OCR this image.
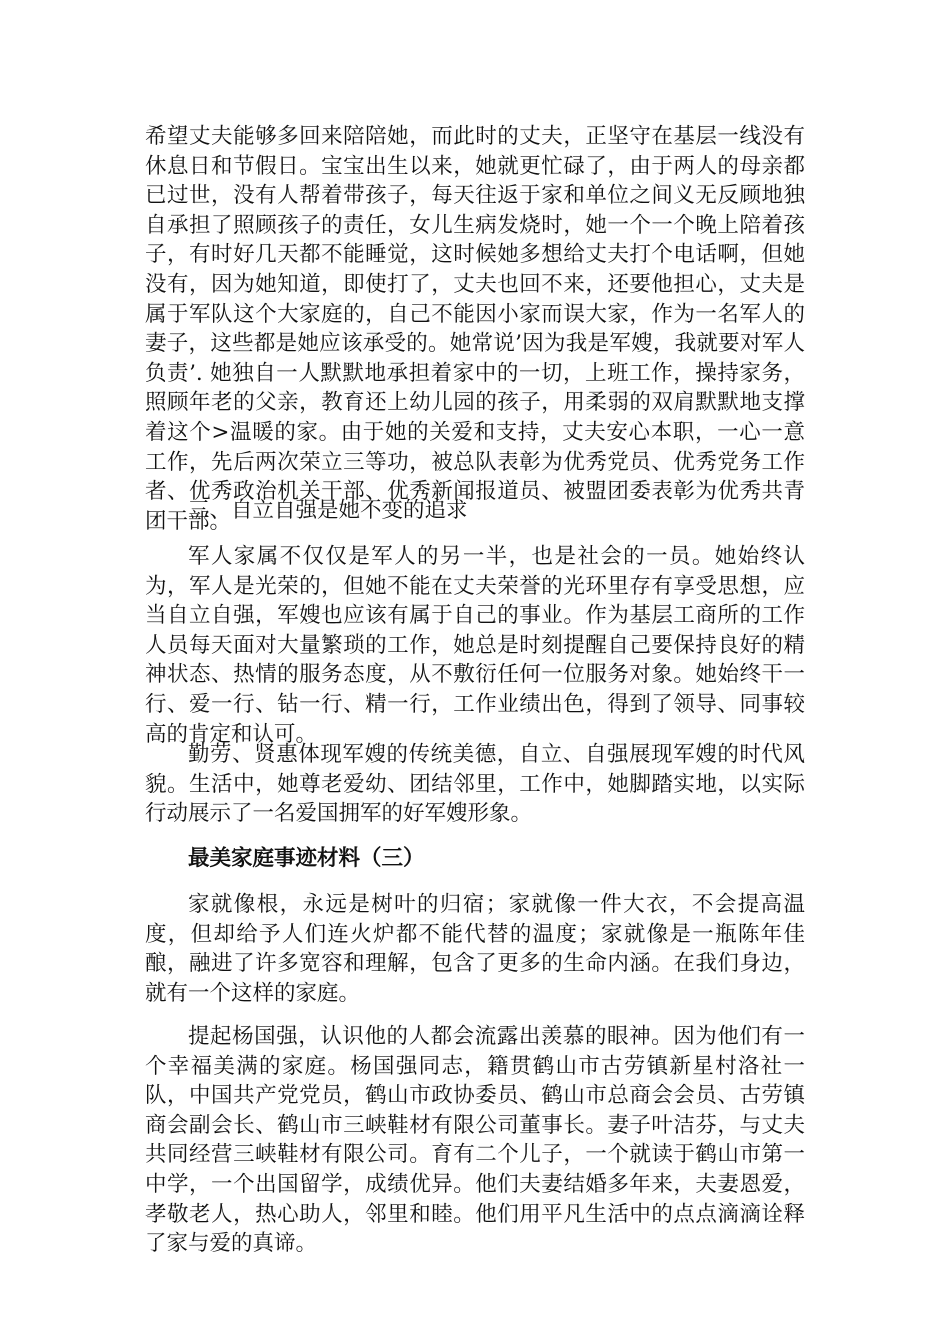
希望丈夫能够多回来陪陪她，而此时的丈夫，正坚守在基层一线没有休息日和节假日。宝宝出生以来，她就更忙碌了，由于两人的母亲都已过世，没有人帮着带孩子，每天往返于家和单位之间义无反顾地独自承担了照顾孩子的责任，女儿生病发烧时，她一个一个晚上陪着孩子，有时好几天都不能睡觉，这时候她多想给丈夫打个电话啊，但她没有，因为她知道，即使打了，丈夫也回不来，还要他担心，丈夫是属于军队这个大家庭的，自己不能因小家而误大家，作为一名军人的妻子，这些都是她应该承受的。她常说’因为我是军嫂，我就要对军人负责’. 她独自一人默默地承担着家中的一切，上班工作，操持家务，照顾年老的父亲，教育还上幼儿园的孩子，用柔弱的双肩默默地支撑着这个>温暖的家。由于她的关爱和支持，丈夫安心本职，一心一意工作，先后两次荣立三等功，被总队表彰为优秀党员、优秀党务工作者、优秀政治机关干部、优秀新闻报道员、被盟团委表彰为优秀共青团干部。

三、自立自强是她不变的追求

军人家属不仅仅是军人的另一半，也是社会的一员。她始终认为，军人是光荣的，但她不能在丈夫荣誉的光环里存有享受思想，应当自立自强，军嫂也应该有属于自己的事业。作为基层工商所的工作人员每天面对大量繁琐的工作，她总是时刻提醒自己要保持良好的精神状态、热情的服务态度，从不敷衍任何一位服务对象。她始终干一行、爱一行、钻一行、精一行，工作业绩出色，得到了领导、同事较高的肯定和认可。

勤劳、贤惠体现军嫂的传统美德，自立、自强展现军嫂的时代风貌。生活中，她尊老爱幼、团结邻里，工作中，她脚踏实地，以实际行动展示了一名爱国拥军的好军嫂形象。

最美家庭事迹材料（三）

家就像根，永远是树叶的归宿；家就像一件大衣，不会提高温度，但却给予人们连火炉都不能代替的温度；家就像是一瓶陈年佳酿，融进了许多宽容和理解，包含了更多的生命内涵。在我们身边，就有一个这样的家庭。

提起杨国强，认识他的人都会流露出羡慕的眼神。因为他们有一个幸福美满的家庭。杨国强同志，籍贯鹤山市古劳镇新星村洛社一队，中国共产党党员，鹤山市政协委员、鹤山市总商会会员、古劳镇商会副会长、鹤山市三峡鞋材有限公司董事长。妻子叶洁芬，与丈夫共同经营三峡鞋材有限公司。育有二个儿子，一个就读于鹤山市第一中学，一个出国留学，成绩优异。他们夫妻结婚多年来，夫妻恩爱，孝敬老人，热心助人，邻里和睦。他们用平凡生活中的点点滴滴诠释了家与爱的真谛。
